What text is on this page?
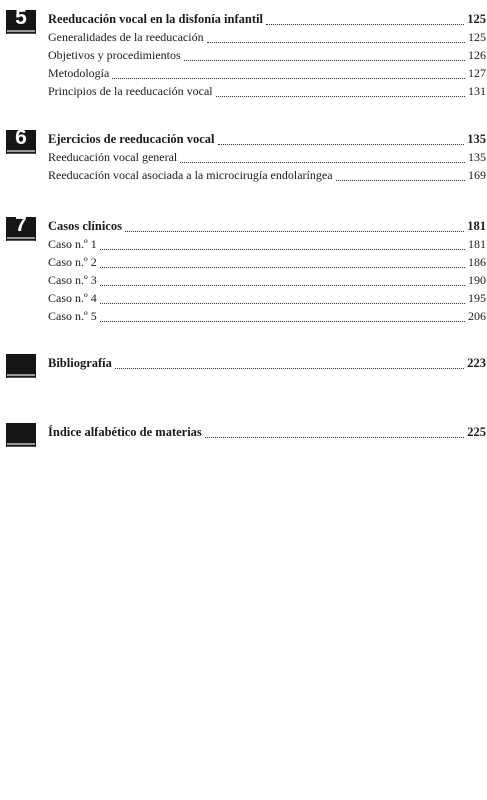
5	Reeducación vocal en la disfonía infantil	125
Generalidades de la reeducación	125
Objetivos y procedimientos	126
Metodología	127
Principios de la reeducación vocal	131
6	Ejercicios de reeducación vocal	135
Reeducación vocal general	135
Reeducación vocal asociada a la microcirugía endolaríngea	169
7	Casos clínicos	181
Caso n.º 1	181
Caso n.º 2	186
Caso n.º 3	190
Caso n.º 4	195
Caso n.º 5	206
Bibliografía	223
Índice alfabético de materias	225
